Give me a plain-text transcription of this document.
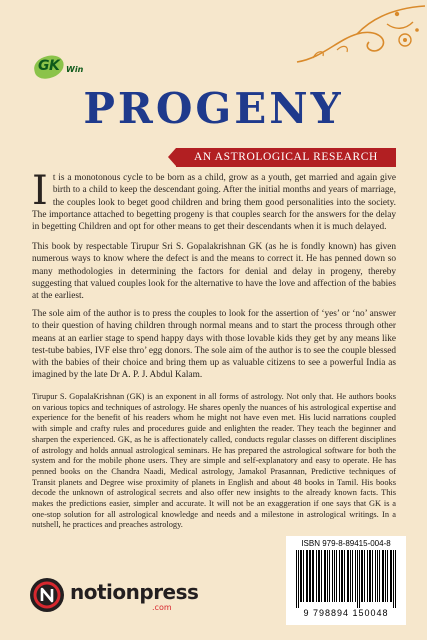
GK Win
PROGENY
AN ASTROLOGICAL RESEARCH

It is a monotonous cycle to be born as a child, grow as a youth, get married and again give birth to a child to keep the descendant going. After the initial months and years of marriage, the couples look to beget good children and bring them good personalities into the society. The importance attached to begetting progeny is that couples search for the answers for the delay in begetting Children and opt for other means to get their descendants when it is much delayed.

This book by respectable Tirupur Sri S. Gopalakrishnan GK (as he is fondly known) has given numerous ways to know where the defect is and the means to correct it. He has penned down so many methodologies in determining the factors for denial and delay in progeny, thereby suggesting that valued couples look for the alternative to have the love and affection of the babies at the earliest.

The sole aim of the author is to press the couples to look for the assertion of ‘yes’ or ‘no’ answer to their question of having children through normal means and to start the process through other means at an earlier stage to spend happy days with those lovable kids they get by any means like test-tube babies, IVF else thro’ egg donors. The sole aim of the author is to see the couple blessed with the babies of their choice and bring them up as valuable citizens to see a powerful India as imagined by the late Dr A. P. J. Abdul Kalam.

Tirupur S. GopalaKrishnan (GK) is an exponent in all forms of astrology. Not only that. He authors books on various topics and techniques of astrology. He shares openly the nuances of his astrological expertise and experience for the benefit of his readers whom he might not have even met. His lucid narrations coupled with simple and crafty rules and procedures guide and enlighten the reader. They teach the beginner and sharpen the experienced. GK, as he is affectionately called, conducts regular classes on different disciplines of astrology and holds annual astrological seminars. He has prepared the astrological software for both the system and for the mobile phone users. They are simple and self-explanatory and easy to operate. He has penned books on the Chandra Naadi, Medical astrology, Jamakol Prasannan, Predictive techniques of Transit planets and Degree wise proximity of planets in English and about 48 books in Tamil. His books decode the unknown of astrological secrets and also offer new insights to the already known facts. This makes the predictions easier, simpler and accurate. It will not be an exaggeration if one says that GK is a one-stop solution for all astrological knowledge and needs and a milestone in astrological writings. In a nutshell, he practices and preaches astrology.

ISBN 979-8-89415-004-8
9 798894 150048
notionpress
.com
